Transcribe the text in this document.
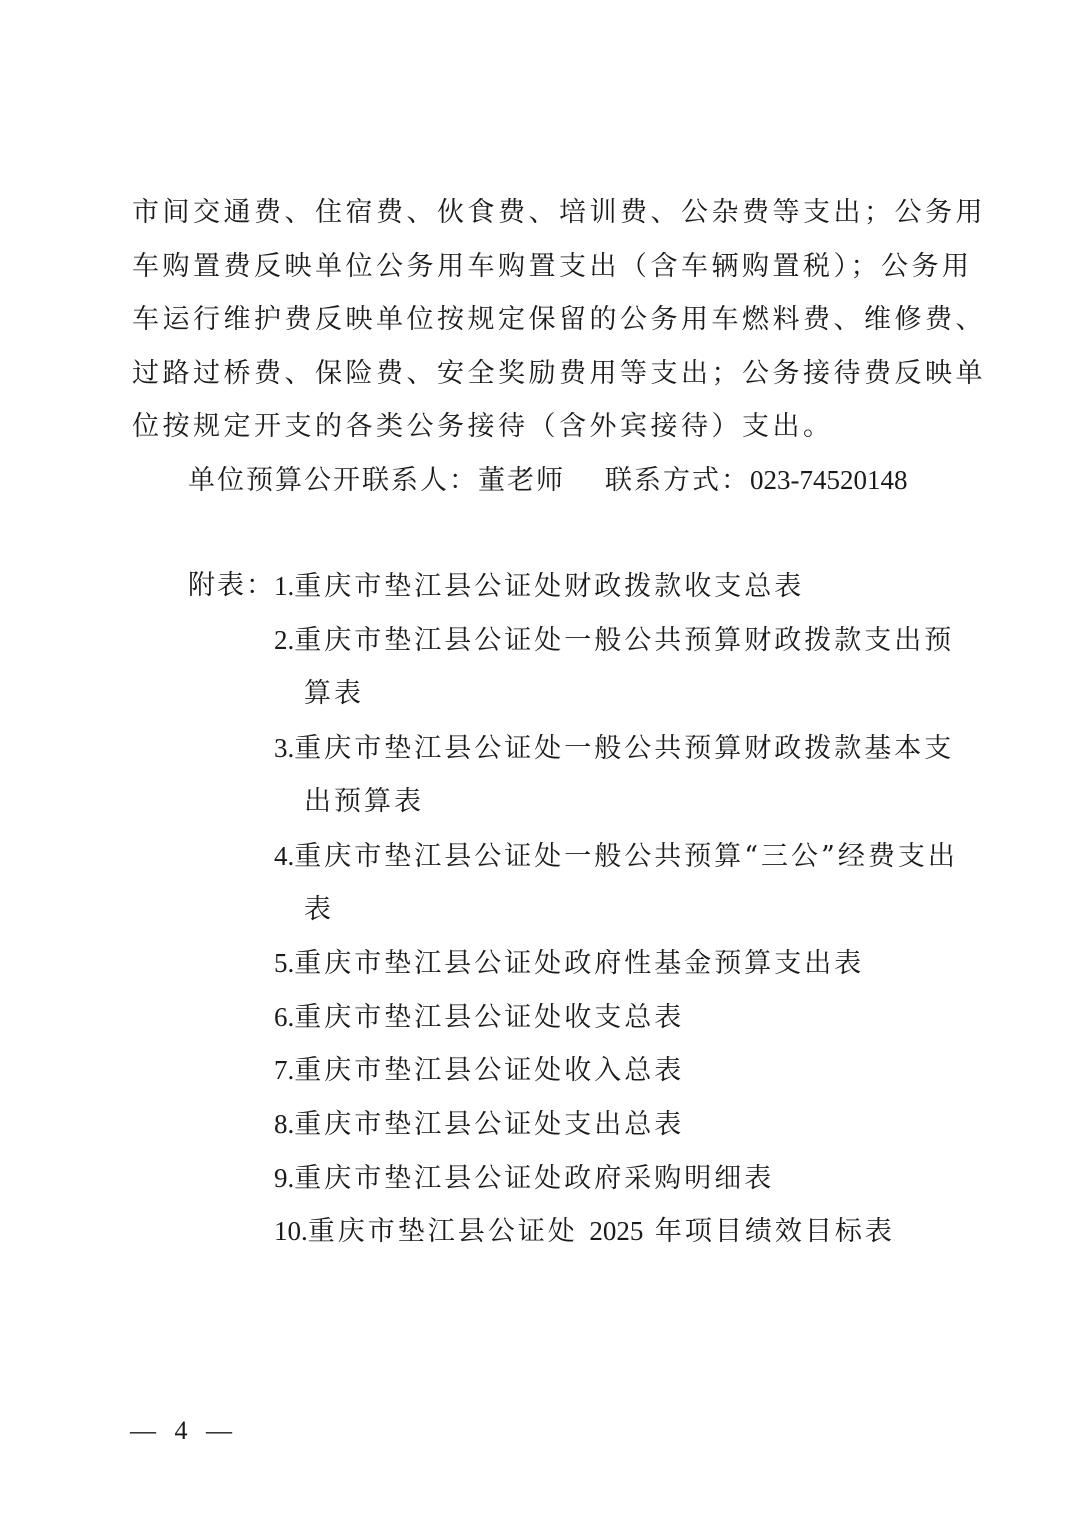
市间交通费、住宿费、伙食费、培训费、公杂费等支出；公务用
车购置费反映单位公务用车购置支出（含车辆购置税）；公务用
车运行维护费反映单位按规定保留的公务用车燃料费、维修费、
过路过桥费、保险费、安全奖励费用等支出；公务接待费反映单
位按规定开支的各类公务接待（含外宾接待）支出。
单位预算公开联系人：董老师 联系方式：023-74520148
附表： 1.重庆市垫江县公证处财政拨款收支总表
2.重庆市垫江县公证处一般公共预算财政拨款支出预
算表
3.重庆市垫江县公证处一般公共预算财政拨款基本支
出预算表
4.重庆市垫江县公证处一般公共预算“三公”经费支出
表
5.重庆市垫江县公证处政府性基金预算支出表
6.重庆市垫江县公证处收支总表
7.重庆市垫江县公证处收入总表
8.重庆市垫江县公证处支出总表
9.重庆市垫江县公证处政府采购明细表
10.重庆市垫江县公证处 2025 年项目绩效目标表
— 4 —
